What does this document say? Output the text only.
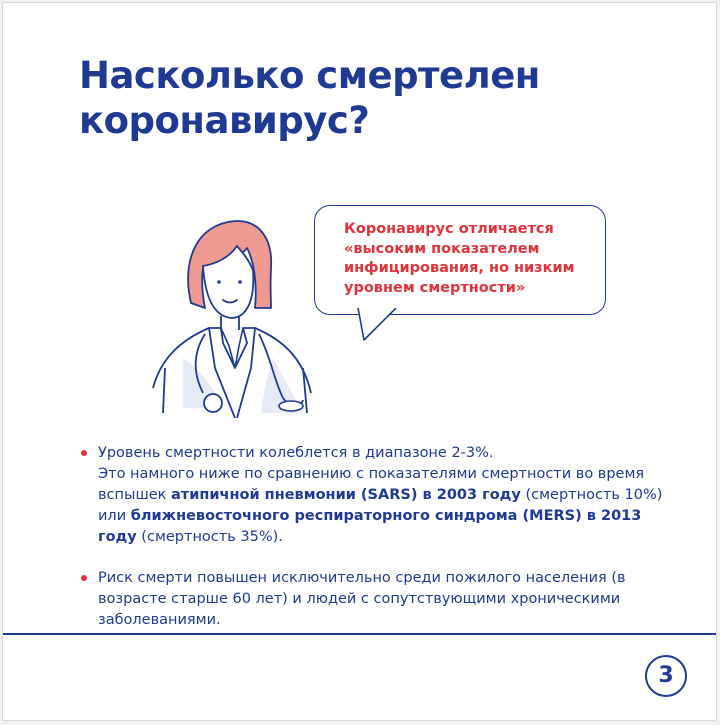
Насколько смертелен коронавирус?

Коронавирус отличается «высоким показателем инфицирования, но низким уровнем смертности»

Уровень смертности колеблется в диапазоне 2-3%.
Это намного ниже по сравнению с показателями смертности во время вспышек атипичной пневмонии (SARS) в 2003 году (смертность 10%) или ближневосточного респираторного синдрома (MERS) в 2013 году (смертность 35%).
Риск смерти повышен исключительно среди пожилого населения (в возрасте старше 60 лет) и людей с сопутствующими хроническими заболеваниями.
3
